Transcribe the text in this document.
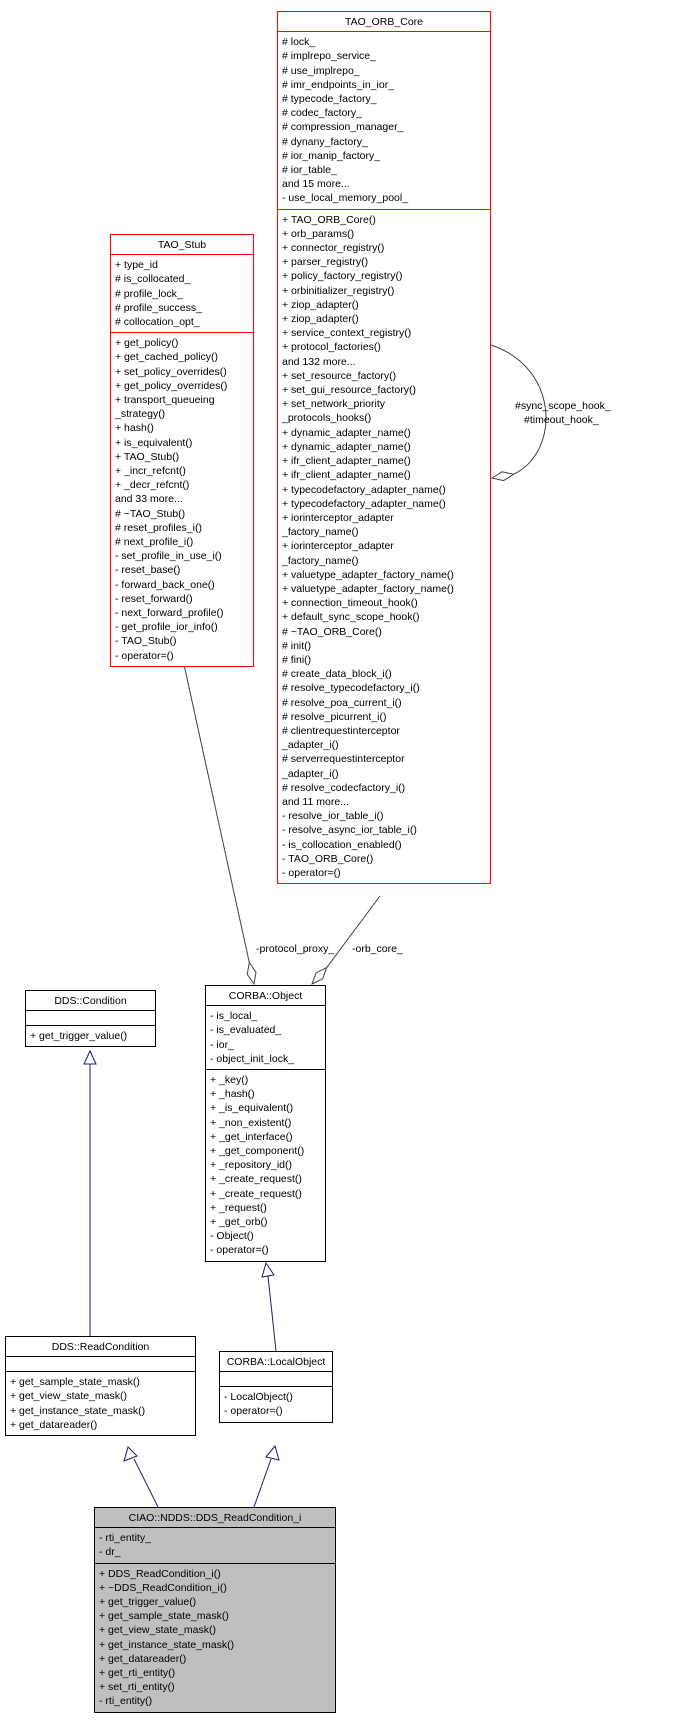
-protocol_proxy_ -orb_core_
#sync_scope_hook_
#timeout_hook_
TAO_ORB_Core
# lock_
# implrepo_service_
# use_implrepo_
# imr_endpoints_in_ior_
# typecode_factory_
# codec_factory_
# compression_manager_
# dynany_factory_
# ior_manip_factory_
# ior_table_
and 15 more...
- use_local_memory_pool_
+ TAO_ORB_Core()
+ orb_params()
+ connector_registry()
+ parser_registry()
+ policy_factory_registry()
+ orbinitializer_registry()
+ ziop_adapter()
+ ziop_adapter()
+ service_context_registry()
+ protocol_factories()
and 132 more...
+ set_resource_factory()
+ set_gui_resource_factory()
+ set_network_priority
_protocols_hooks()
+ dynamic_adapter_name()
+ dynamic_adapter_name()
+ ifr_client_adapter_name()
+ ifr_client_adapter_name()
+ typecodefactory_adapter_name()
+ typecodefactory_adapter_name()
+ iorinterceptor_adapter
_factory_name()
+ iorinterceptor_adapter
_factory_name()
+ valuetype_adapter_factory_name()
+ valuetype_adapter_factory_name()
+ connection_timeout_hook()
+ default_sync_scope_hook()
# ~TAO_ORB_Core()
# init()
# fini()
# create_data_block_i()
# resolve_typecodefactory_i()
# resolve_poa_current_i()
# resolve_picurrent_i()
# clientrequestinterceptor
_adapter_i()
# serverrequestinterceptor
_adapter_i()
# resolve_codecfactory_i()
and 11 more...
- resolve_ior_table_i()
- resolve_async_ior_table_i()
- is_collocation_enabled()
- TAO_ORB_Core()
- operator=()
TAO_Stub
+ type_id
# is_collocated_
# profile_lock_
# profile_success_
# collocation_opt_
+ get_policy()
+ get_cached_policy()
+ set_policy_overrides()
+ get_policy_overrides()
+ transport_queueing
_strategy()
+ hash()
+ is_equivalent()
+ TAO_Stub()
+ _incr_refcnt()
+ _decr_refcnt()
and 33 more...
# ~TAO_Stub()
# reset_profiles_i()
# next_profile_i()
- set_profile_in_use_i()
- reset_base()
- forward_back_one()
- reset_forward()
- next_forward_profile()
- get_profile_ior_info()
- TAO_Stub()
- operator=()
CORBA::Object
- is_local_
- is_evaluated_
- ior_
- object_init_lock_
+ _key()
+ _hash()
+ _is_equivalent()
+ _non_existent()
+ _get_interface()
+ _get_component()
+ _repository_id()
+ _create_request()
+ _create_request()
+ _request()
+ _get_orb()
- Object()
- operator=()
DDS::Condition
+ get_trigger_value()
DDS::ReadCondition
+ get_sample_state_mask()
+ get_view_state_mask()
+ get_instance_state_mask()
+ get_datareader()
CORBA::LocalObject
- LocalObject()
- operator=()
CIAO::NDDS::DDS_ReadCondition_i
- rti_entity_
- dr_
+ DDS_ReadCondition_i()
+ ~DDS_ReadCondition_i()
+ get_trigger_value()
+ get_sample_state_mask()
+ get_view_state_mask()
+ get_instance_state_mask()
+ get_datareader()
+ get_rti_entity()
+ set_rti_entity()
- rti_entity()
